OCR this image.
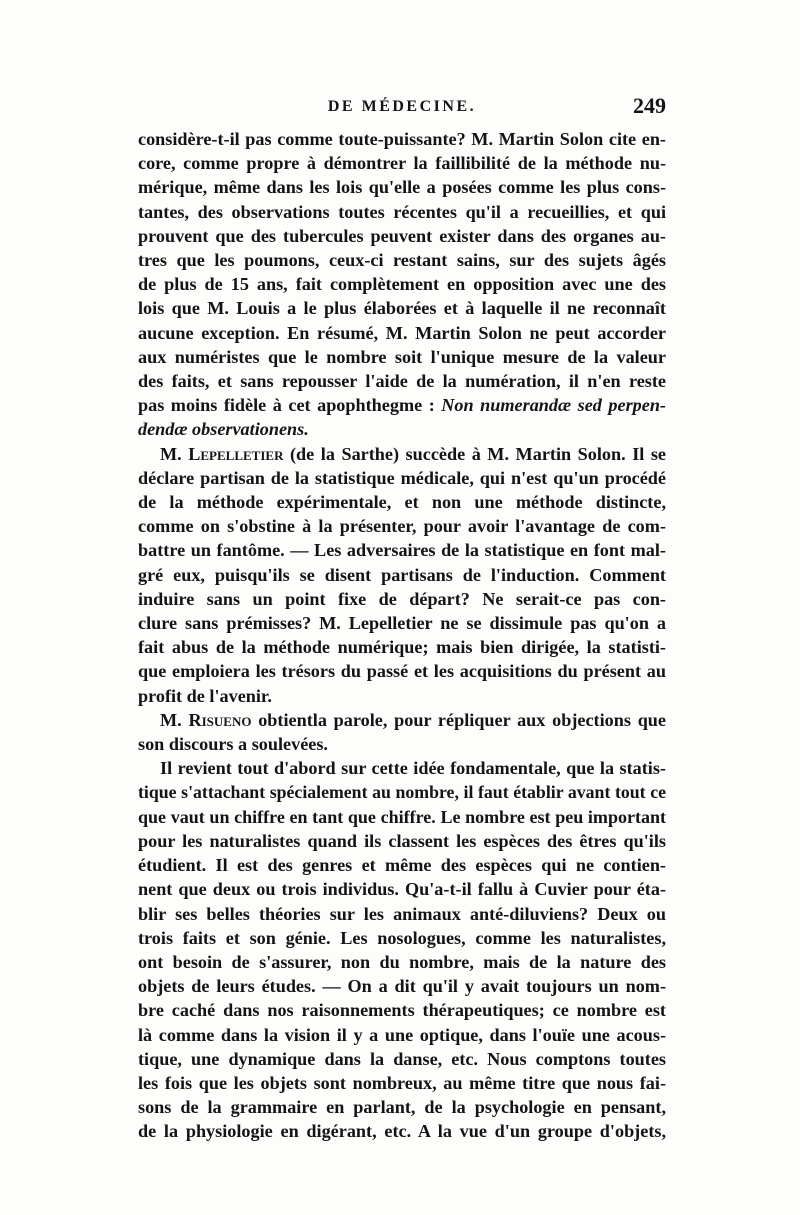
DE MÉDECINE.	249
considère-t-il pas comme toute-puissante? M. Martin Solon cite en-
core, comme propre à démontrer la faillibilité de la méthode nu-
mérique, même dans les lois qu'elle a posées comme les plus cons-
tantes, des observations toutes récentes qu'il a recueillies, et qui
prouvent que des tubercules peuvent exister dans des organes au-
tres que les poumons, ceux-ci restant sains, sur des sujets âgés
de plus de 15 ans, fait complètement en opposition avec une des
lois que M. Louis a le plus élaborées et à laquelle il ne reconnaît
aucune exception. En résumé, M. Martin Solon ne peut accorder
aux numéristes que le nombre soit l'unique mesure de la valeur
des faits, et sans repousser l'aide de la numération, il n'en reste
pas moins fidèle à cet apophthegme : Non numerandæ sed perpen-
dendæ observationens.
M. Lepelletier (de la Sarthe) succède à M. Martin Solon. Il se
déclare partisan de la statistique médicale, qui n'est qu'un procédé
de la méthode expérimentale, et non une méthode distincte,
comme on s'obstine à la présenter, pour avoir l'avantage de com-
battre un fantôme. — Les adversaires de la statistique en font mal-
gré eux, puisqu'ils se disent partisans de l'induction. Comment
induire sans un point fixe de départ? Ne serait-ce pas con-
clure sans prémisses? M. Lepelletier ne se dissimule pas qu'on a
fait abus de la méthode numérique; mais bien dirigée, la statisti-
que emploiera les trésors du passé et les acquisitions du présent au
profit de l'avenir.
M. Risueno obtientla parole, pour répliquer aux objections que
son discours a soulevées.
Il revient tout d'abord sur cette idée fondamentale, que la statis-
tique s'attachant spécialement au nombre, il faut établir avant tout ce
que vaut un chiffre en tant que chiffre. Le nombre est peu important
pour les naturalistes quand ils classent les espèces des êtres qu'ils
étudient. Il est des genres et même des espèces qui ne contien-
nent que deux ou trois individus. Qu'a-t-il fallu à Cuvier pour éta-
blir ses belles théories sur les animaux anté-diluviens? Deux ou
trois faits et son génie. Les nosologues, comme les naturalistes,
ont besoin de s'assurer, non du nombre, mais de la nature des
objets de leurs études. — On a dit qu'il y avait toujours un nom-
bre caché dans nos raisonnements thérapeutiques; ce nombre est
là comme dans la vision il y a une optique, dans l'ouïe une acous-
tique, une dynamique dans la danse, etc. Nous comptons toutes
les fois que les objets sont nombreux, au même titre que nous fai-
sons de la grammaire en parlant, de la psychologie en pensant,
de la physiologie en digérant, etc. A la vue d'un groupe d'objets,
